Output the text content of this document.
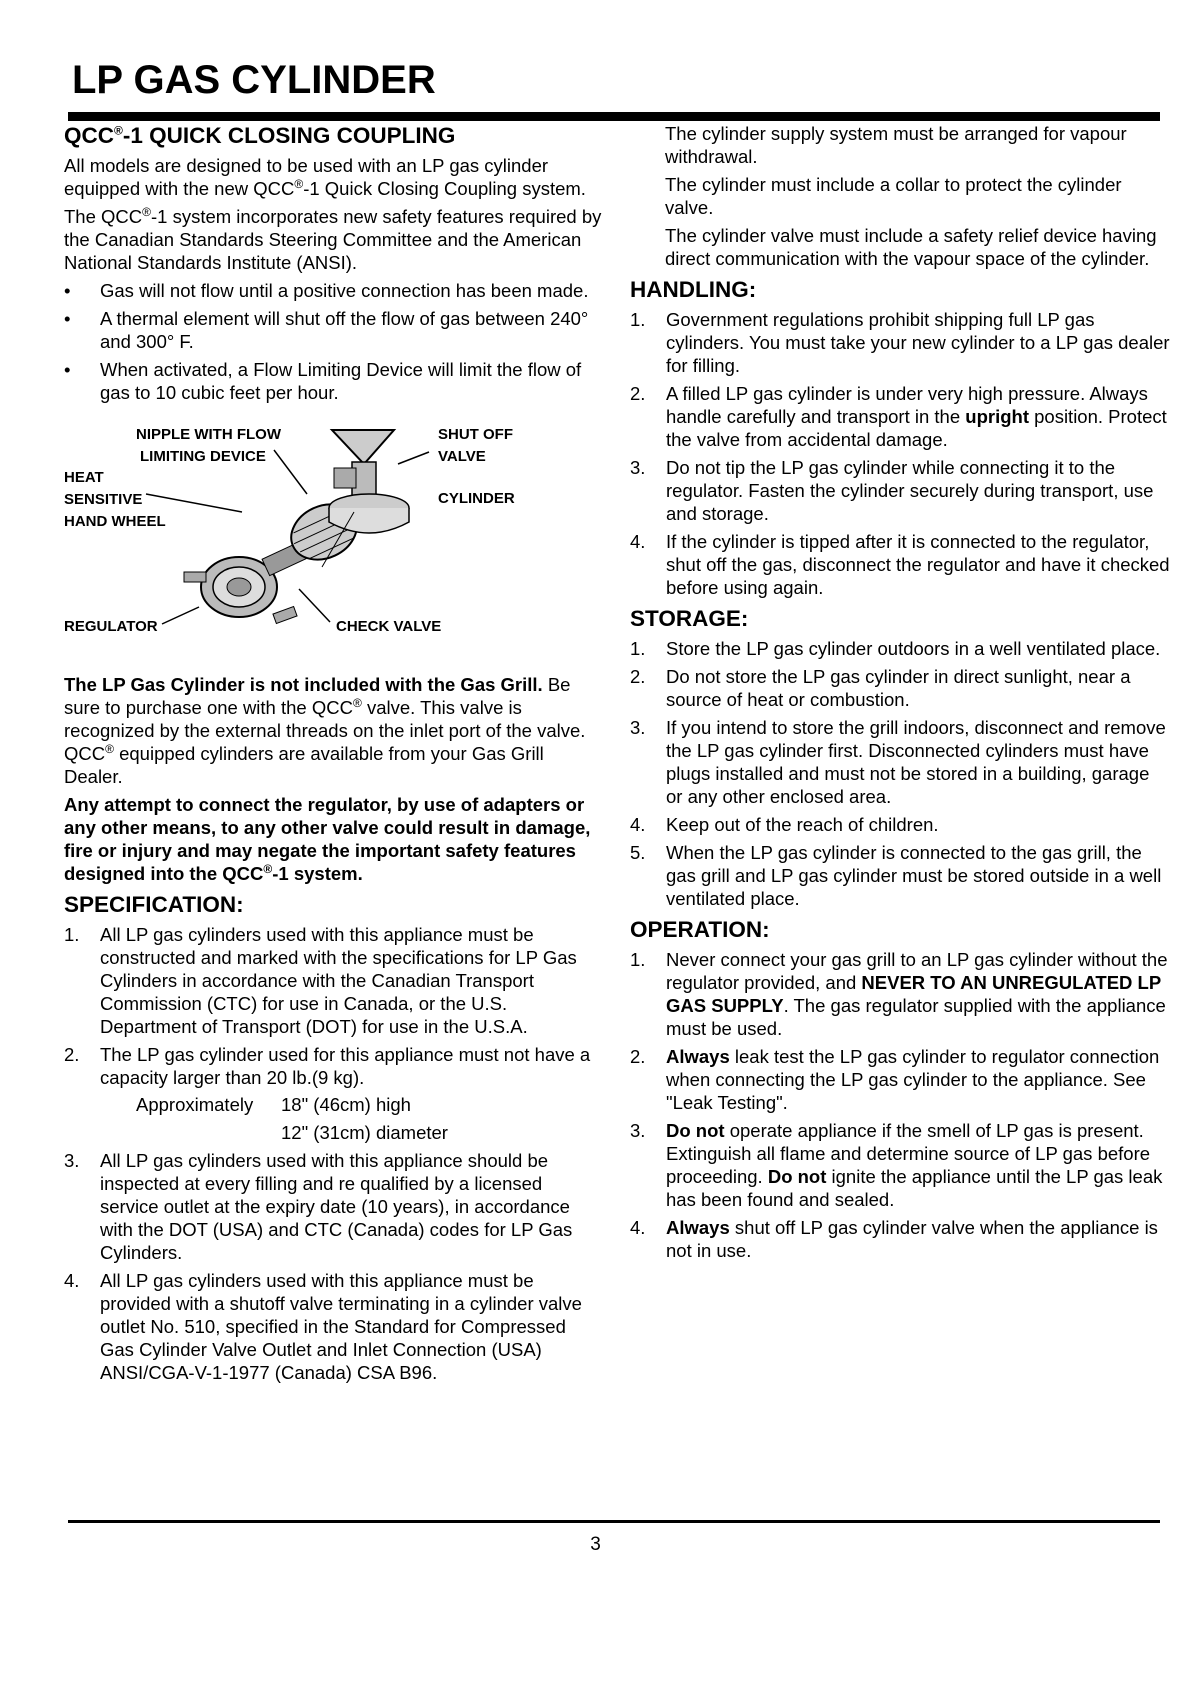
LP GAS CYLINDER
QCC®-1 QUICK CLOSING COUPLING

All models are designed to be used with an LP gas cylinder equipped with the new QCC®-1 Quick Closing Coupling system.

The QCC®-1 system incorporates new safety features required by the Canadian Standards Steering Committee and the American National Standards Institute (ANSI).

•	Gas will not flow until a positive connection has been made.
•	A thermal element will shut off the flow of gas between 240° and 300° F.
•	When activated, a Flow Limiting Device will limit the flow of gas to 10 cubic feet per hour.
NIPPLE WITH FLOW
LIMITING DEVICE
HEAT
SENSITIVE
HAND WHEEL
SHUT OFF
VALVE
CYLINDER
REGULATOR	CHECK VALVE

The LP Gas Cylinder is not included with the Gas Grill. Be sure to purchase one with the QCC® valve. This valve is recognized by the external threads on the inlet port of the valve. QCC® equipped cylinders are available from your Gas Grill Dealer.

Any attempt to connect the regulator, by use of adapters or any other means, to any other valve could result in damage, fire or injury and may negate the important safety features designed into the QCC®-1 system.

SPECIFICATION:
1.	All LP gas cylinders used with this appliance must be constructed and marked with the specifications for LP Gas Cylinders in accordance with the Canadian Transport Commission (CTC) for use in Canada, or the U.S. Department of Transport (DOT) for use in the U.S.A.
2.	The LP gas cylinder used for this appliance must not have a capacity larger than 20 lb.(9 kg).
Approximately 18" (46cm) high
12" (31cm) diameter
3.	All LP gas cylinders used with this appliance should be inspected at every filling and re qualified by a licensed service outlet at the expiry date (10 years), in accordance with the DOT (USA) and CTC (Canada) codes for LP Gas Cylinders.
4.	All LP gas cylinders used with this appliance must be provided with a shutoff valve terminating in a cylinder valve outlet No. 510, specified in the Standard for Compressed Gas Cylinder Valve Outlet and Inlet Connection (USA) ANSI/CGA-V-1-1977 (Canada) CSA B96.

The cylinder supply system must be arranged for vapour withdrawal.

The cylinder must include a collar to protect the cylinder valve.

The cylinder valve must include a safety relief device having direct communication with the vapour space of the cylinder.

HANDLING:
1.	Government regulations prohibit shipping full LP gas cylinders. You must take your new cylinder to a LP gas dealer for filling.
2.	A filled LP gas cylinder is under very high pressure. Always handle carefully and transport in the upright position. Protect the valve from accidental damage.
3.	Do not tip the LP gas cylinder while connecting it to the regulator. Fasten the cylinder securely during transport, use and storage.
4.	If the cylinder is tipped after it is connected to the regulator, shut off the gas, disconnect the regulator and have it checked before using again.
STORAGE:
1.	Store the LP gas cylinder outdoors in a well ventilated place.
2.	Do not store the LP gas cylinder in direct sunlight, near a source of heat or combustion.
3.	If you intend to store the grill indoors, disconnect and remove the LP gas cylinder first. Disconnected cylinders must have plugs installed and must not be stored in a building, garage or any other enclosed area.
4.	Keep out of the reach of children.
5.	When the LP gas cylinder is connected to the gas grill, the gas grill and LP gas cylinder must be stored outside in a well ventilated place.
OPERATION:
1.	Never connect your gas grill to an LP gas cylinder without the regulator provided, and NEVER TO AN UNREGULATED LP GAS SUPPLY. The gas regulator supplied with the appliance must be used.
2.	Always leak test the LP gas cylinder to regulator connection when connecting the LP gas cylinder to the appliance. See "Leak Testing".
3.	Do not operate appliance if the smell of LP gas is present. Extinguish all flame and determine source of LP gas before proceeding. Do not ignite the appliance until the LP gas leak has been found and sealed.
4.	Always shut off LP gas cylinder valve when the appliance is not in use.
3
